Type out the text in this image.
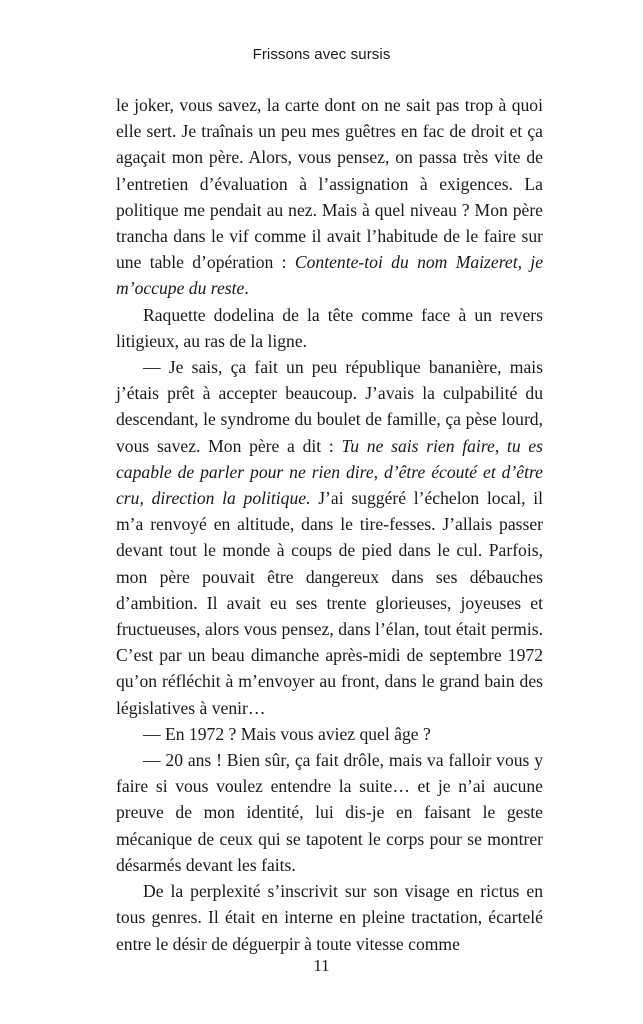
Frissons avec sursis

le joker, vous savez, la carte dont on ne sait pas trop à quoi elle sert. Je traînais un peu mes guêtres en fac de droit et ça agaçait mon père. Alors, vous pensez, on passa très vite de l’entretien d’évaluation à l’assignation à exigences. La politique me pendait au nez. Mais à quel niveau ? Mon père trancha dans le vif comme il avait l’habitude de le faire sur une table d’opération : Contente-toi du nom Maizeret, je m’occupe du reste.

Raquette dodelina de la tête comme face à un revers litigieux, au ras de la ligne.

— Je sais, ça fait un peu république bananière, mais j’étais prêt à accepter beaucoup. J’avais la culpabilité du descendant, le syndrome du boulet de famille, ça pèse lourd, vous savez. Mon père a dit : Tu ne sais rien faire, tu es capable de parler pour ne rien dire, d’être écouté et d’être cru, direction la politique. J’ai suggéré l’échelon local, il m’a renvoyé en altitude, dans le tire-fesses. J’allais passer devant tout le monde à coups de pied dans le cul. Parfois, mon père pouvait être dangereux dans ses débauches d’ambition. Il avait eu ses trente glorieuses, joyeuses et fructueuses, alors vous pensez, dans l’élan, tout était permis. C’est par un beau dimanche après-midi de septembre 1972 qu’on réfléchit à m’envoyer au front, dans le grand bain des législatives à venir…

— En 1972 ? Mais vous aviez quel âge ?

— 20 ans ! Bien sûr, ça fait drôle, mais va falloir vous y faire si vous voulez entendre la suite… et je n’ai aucune preuve de mon identité, lui dis-je en faisant le geste mécanique de ceux qui se tapotent le corps pour se montrer désarmés devant les faits.

De la perplexité s’inscrivit sur son visage en rictus en tous genres. Il était en interne en pleine tractation, écartelé entre le désir de déguerpir à toute vitesse comme

11
